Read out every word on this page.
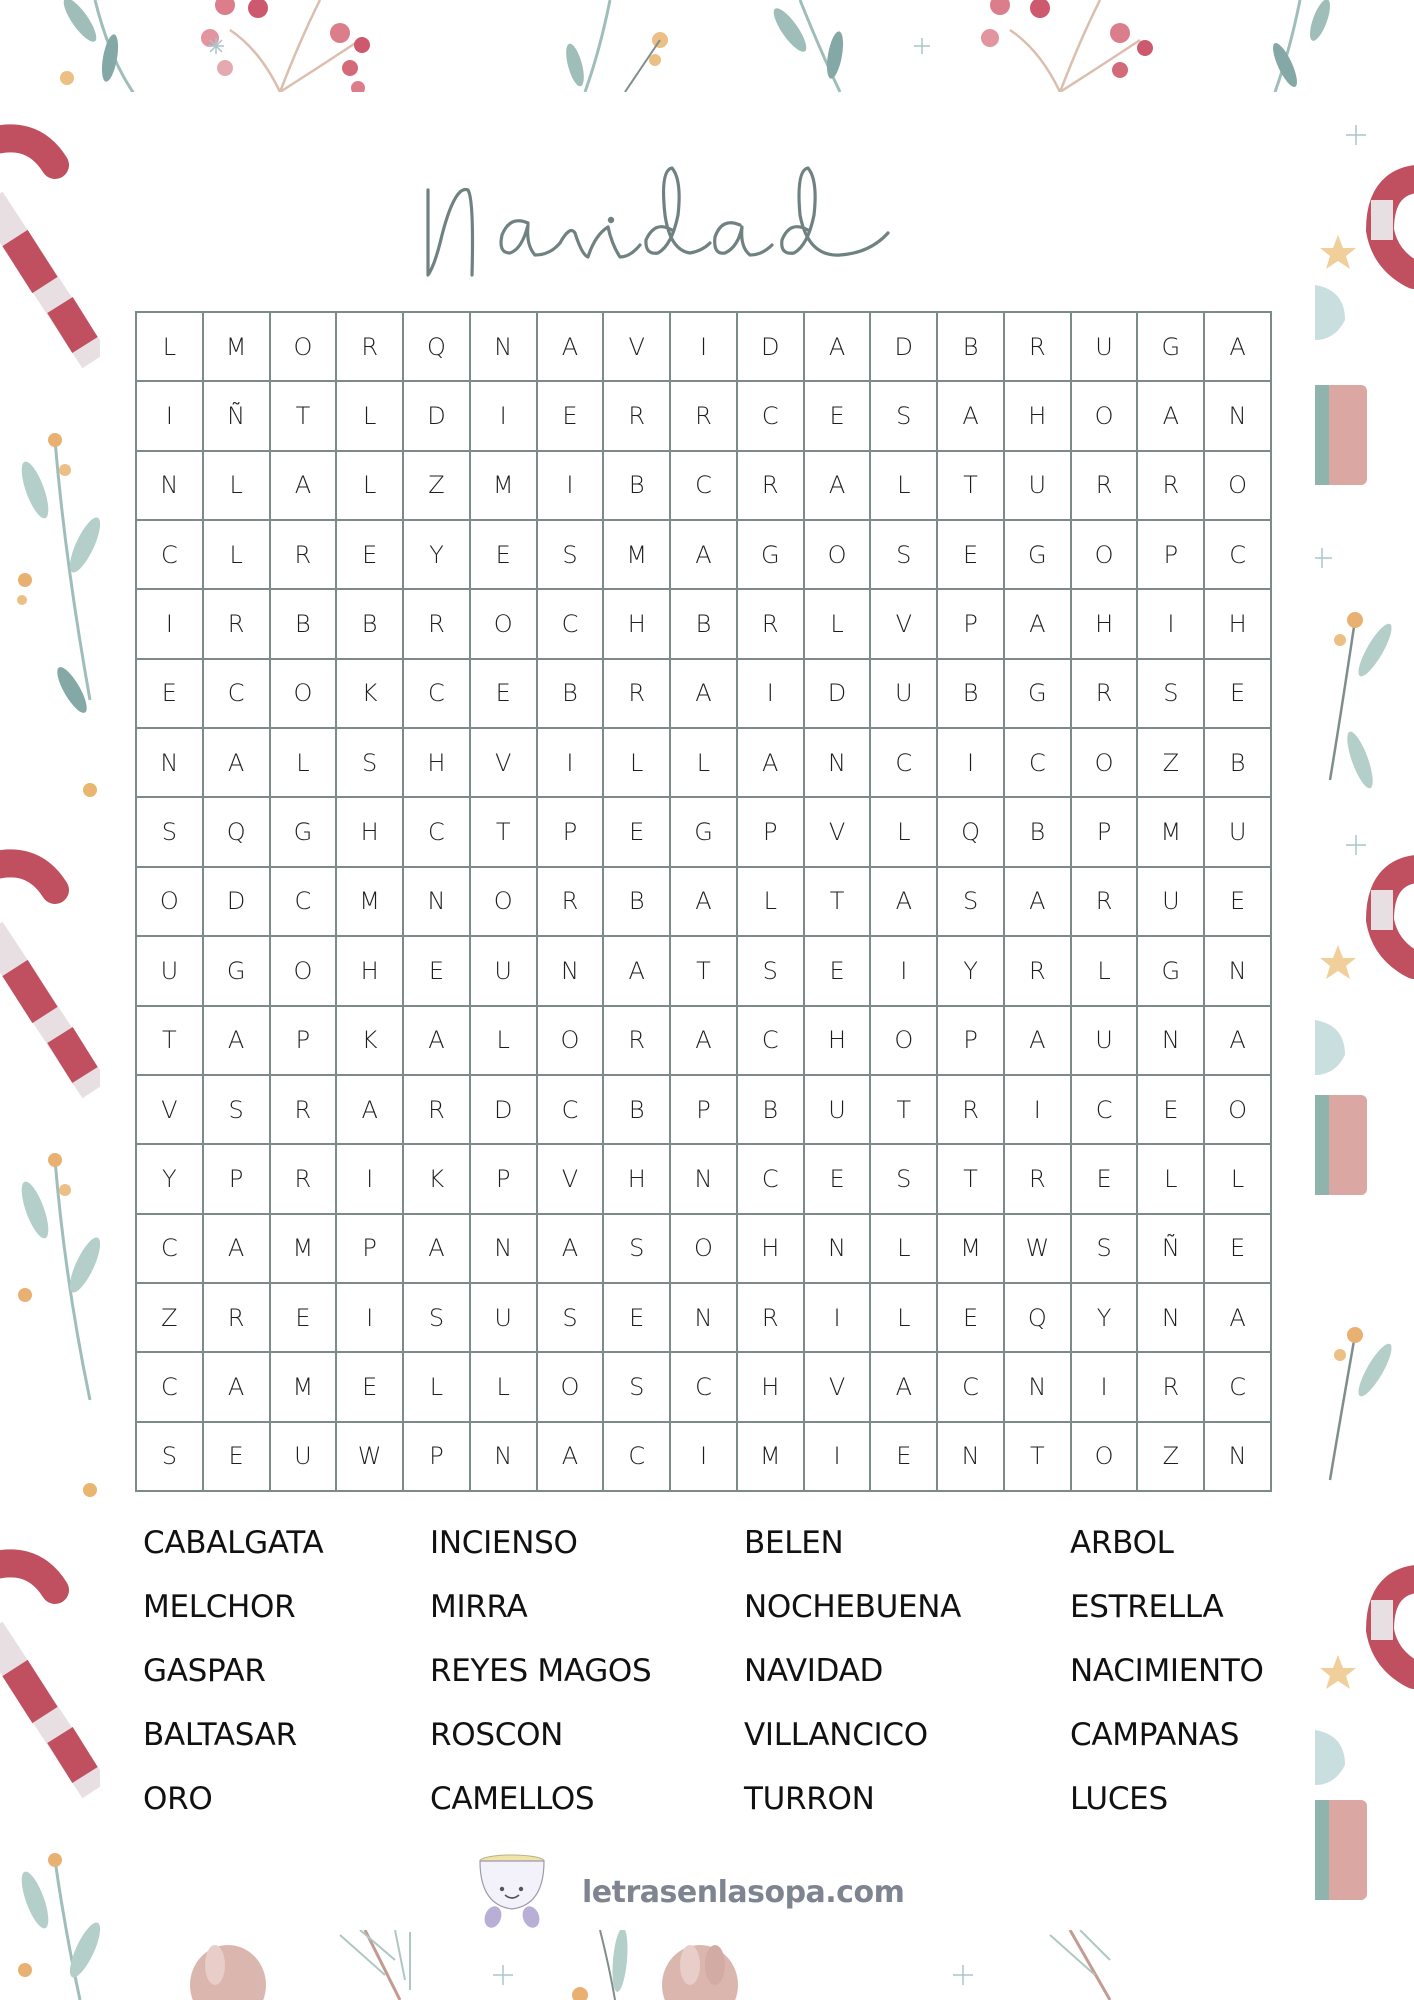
L	M	O	R	Q	N	A	V	I	D	A	D	B	R	U	G	A
I	Ñ	T	L	D	I	E	R	R	C	E	S	A	H	O	A	N
N	L	A	L	Z	M	I	B	C	R	A	L	T	U	R	R	O
C	L	R	E	Y	E	S	M	A	G	O	S	E	G	O	P	C
I	R	B	B	R	O	C	H	B	R	L	V	P	A	H	I	H
E	C	O	K	C	E	B	R	A	I	D	U	B	G	R	S	E
N	A	L	S	H	V	I	L	L	A	N	C	I	C	O	Z	B
S	Q	G	H	C	T	P	E	G	P	V	L	Q	B	P	M	U
O	D	C	M	N	O	R	B	A	L	T	A	S	A	R	U	E
U	G	O	H	E	U	N	A	T	S	E	I	Y	R	L	G	N
T	A	P	K	A	L	O	R	A	C	H	O	P	A	U	N	A
V	S	R	A	R	D	C	B	P	B	U	T	R	I	C	E	O
Y	P	R	I	K	P	V	H	N	C	E	S	T	R	E	L	L
C	A	M	P	A	N	A	S	O	H	N	L	M	W	S	Ñ	E
Z	R	E	I	S	U	S	E	N	R	I	L	E	Q	Y	N	A
C	A	M	E	L	L	O	S	C	H	V	A	C	N	I	R	C
S	E	U	W	P	N	A	C	I	M	I	E	N	T	O	Z	N
CABALGATA
MELCHOR
GASPAR
BALTASAR
ORO
INCIENSO
MIRRA
REYES MAGOS
ROSCON
CAMELLOS
BELEN
NOCHEBUENA
NAVIDAD
VILLANCICO
TURRON
ARBOL
ESTRELLA
NACIMIENTO
CAMPANAS
LUCES
letrasenlasopa.com
